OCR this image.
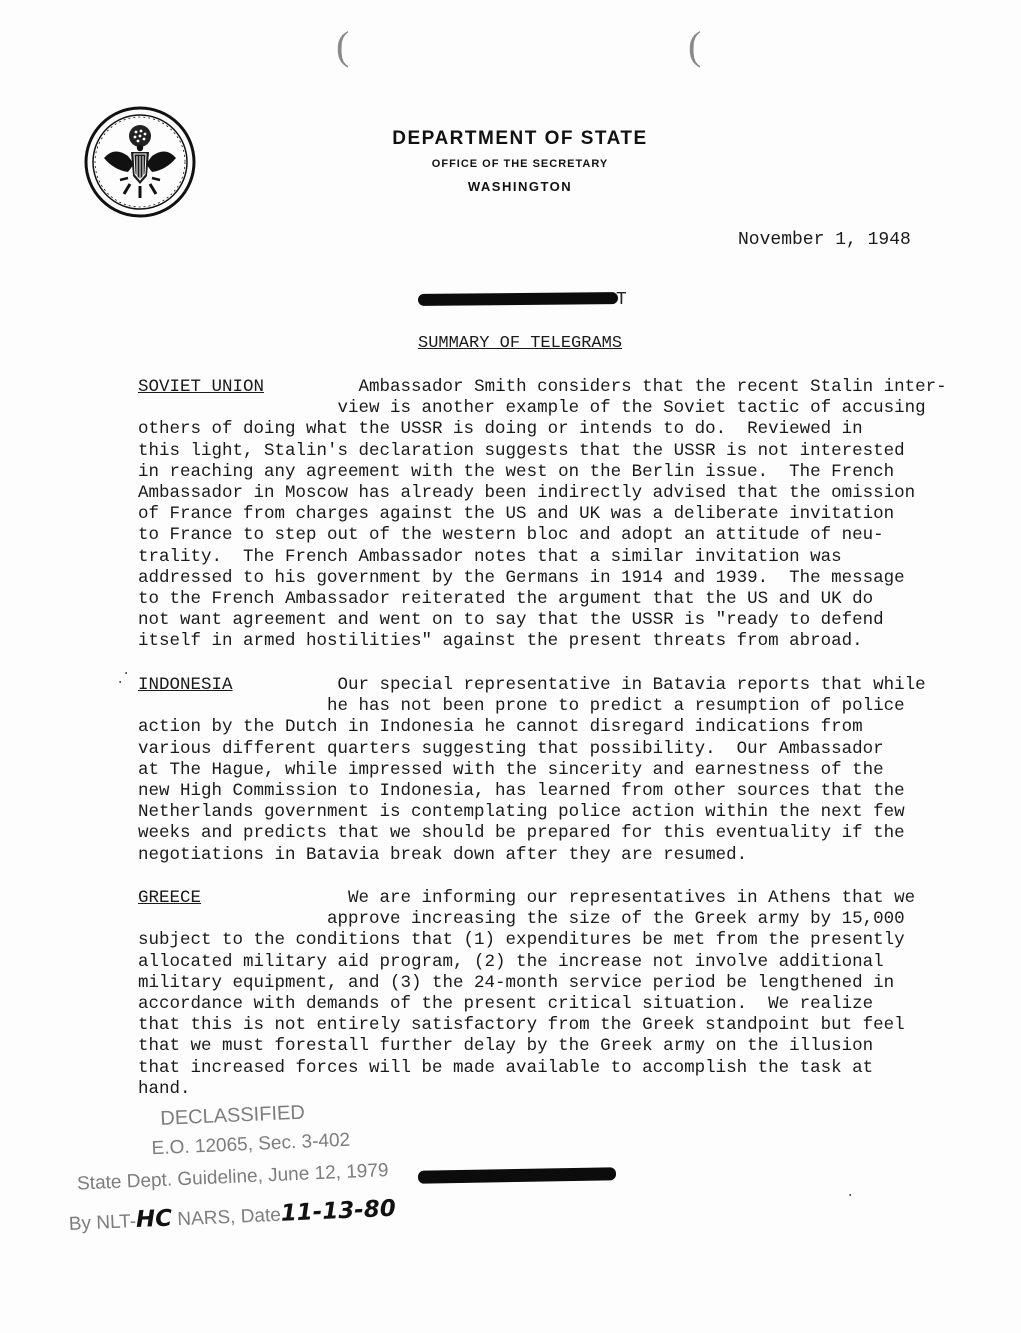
(	(
DEPARTMENT OF STATE
OFFICE OF THE SECRETARY
WASHINGTON
November 1, 1948
T
SUMMARY OF TELEGRAMS
.
·
SOVIET UNION         Ambassador Smith considers that the recent Stalin inter-
view is another example of the Soviet tactic of accusing
others of doing what the USSR is doing or intends to do.  Reviewed in
this light, Stalin's declaration suggests that the USSR is not interested
in reaching any agreement with the west on the Berlin issue.  The French
Ambassador in Moscow has already been indirectly advised that the omission
of France from charges against the US and UK was a deliberate invitation
to France to step out of the western bloc and adopt an attitude of neu-
trality.  The French Ambassador notes that a similar invitation was
addressed to his government by the Germans in 1914 and 1939.  The message
to the French Ambassador reiterated the argument that the US and UK do
not want agreement and went on to say that the USSR is "ready to defend
itself in armed hostilities" against the present threats from abroad.
INDONESIA          Our special representative in Batavia reports that while
he has not been prone to predict a resumption of police
action by the Dutch in Indonesia he cannot disregard indications from
various different quarters suggesting that possibility.  Our Ambassador
at The Hague, while impressed with the sincerity and earnestness of the
new High Commission to Indonesia, has learned from other sources that the
Netherlands government is contemplating police action within the next few
weeks and predicts that we should be prepared for this eventuality if the
negotiations in Batavia break down after they are resumed.
GREECE              We are informing our representatives in Athens that we
approve increasing the size of the Greek army by 15,000
subject to the conditions that (1) expenditures be met from the presently
allocated military aid program, (2) the increase not involve additional
military equipment, and (3) the 24-month service period be lengthened in
accordance with demands of the present critical situation.  We realize
that this is not entirely satisfactory from the Greek standpoint but feel
that we must forestall further delay by the Greek army on the illusion
that increased forces will be made available to accomplish the task at
hand.
DECLASSIFIED
E.O. 12065, Sec. 3-402
State Dept. Guideline, June 12, 1979
By NLT-HC NARS, Date11-13-80	·
